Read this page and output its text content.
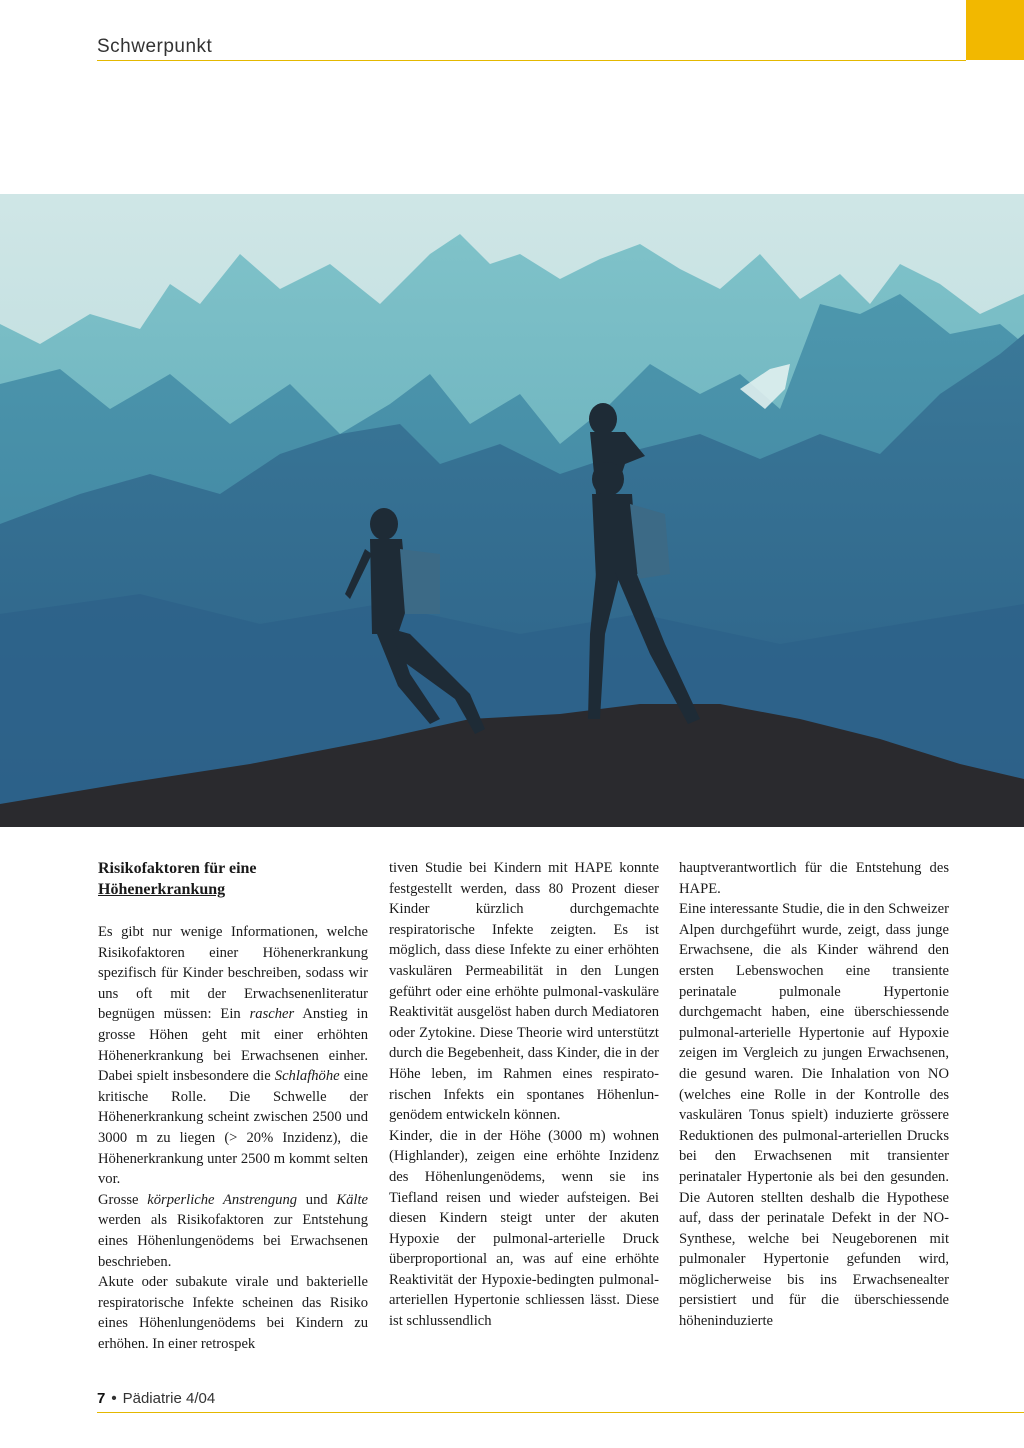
Schwerpunkt
Risikofaktoren für eine
Höhenerkrankung

Es gibt nur wenige Informationen, welche Risikofaktoren einer Höhenerkrankung spezifisch für Kinder beschreiben, sodass wir uns oft mit der Erwachsenenliteratur begnügen müssen: Ein rascher Anstieg in grosse Höhen geht mit einer erhöhten Höhenerkrankung bei Erwachsenen einher. Dabei spielt insbesondere die Schlafhöhe eine kritische Rolle. Die Schwelle der Höhenerkrankung scheint zwischen 2500 und 3000 m zu liegen (> 20% Inzidenz), die Höhenerkrankung unter 2500 m kommt selten vor.

Grosse körperliche Anstrengung und Kälte werden als Risikofaktoren zur Entstehung eines Höhenlungenödems bei Erwachsenen beschrieben.

Akute oder subakute virale und bakterielle respiratorische Infekte scheinen das Risiko eines Höhenlungenödems bei Kindern zu erhöhen. In einer retrospek

tiven Studie bei Kindern mit HAPE konnte festgestellt werden, dass 80 Prozent dieser Kinder kürzlich durchgemachte respiratorische Infekte zeigten. Es ist möglich, dass diese Infekte zu einer erhöhten vaskulären Permeabilität in den Lungen geführt oder eine erhöhte pulmonal-vaskuläre Reaktivität ausgelöst haben durch Mediatoren oder Zytokine. Diese Theorie wird unterstützt durch die Begebenheit, dass Kinder, die in der Höhe leben, im Rahmen eines respiratorischen Infekts ein spontanes Höhenlungenödem entwickeln können.

Kinder, die in der Höhe (3000 m) wohnen (Highlander), zeigen eine erhöhte Inzidenz des Höhenlungenödems, wenn sie ins Tiefland reisen und wieder aufsteigen. Bei diesen Kindern steigt unter der akuten Hypoxie der pulmonal-arterielle Druck überproportional an, was auf eine erhöhte Reaktivität der Hypoxie-bedingten pulmonal-arteriellen Hypertonie schliessen lässt. Diese ist schlussendlich

hauptverantwortlich für die Entstehung des HAPE.

Eine interessante Studie, die in den Schweizer Alpen durchgeführt wurde, zeigt, dass junge Erwachsene, die als Kinder während den ersten Lebenswochen eine transiente perinatale pulmonale Hypertonie durchgemacht haben, eine überschiessende pulmonal-arterielle Hypertonie auf Hypoxie zeigen im Vergleich zu jungen Erwachsenen, die gesund waren. Die Inhalation von NO (welches eine Rolle in der Kontrolle des vaskulären Tonus spielt) induzierte grössere Reduktionen des pulmonal-arteriellen Drucks bei den Erwachsenen mit transienter perinataler Hypertonie als bei den gesunden. Die Autoren stellten deshalb die Hypothese auf, dass der perinatale Defekt in der NO-Synthese, welche bei Neugeborenen mit pulmonaler Hypertonie gefunden wird, möglicherweise bis ins Erwachsenealter persistiert und für die überschiessende höheninduzierte

7 • Pädiatrie 4/04
